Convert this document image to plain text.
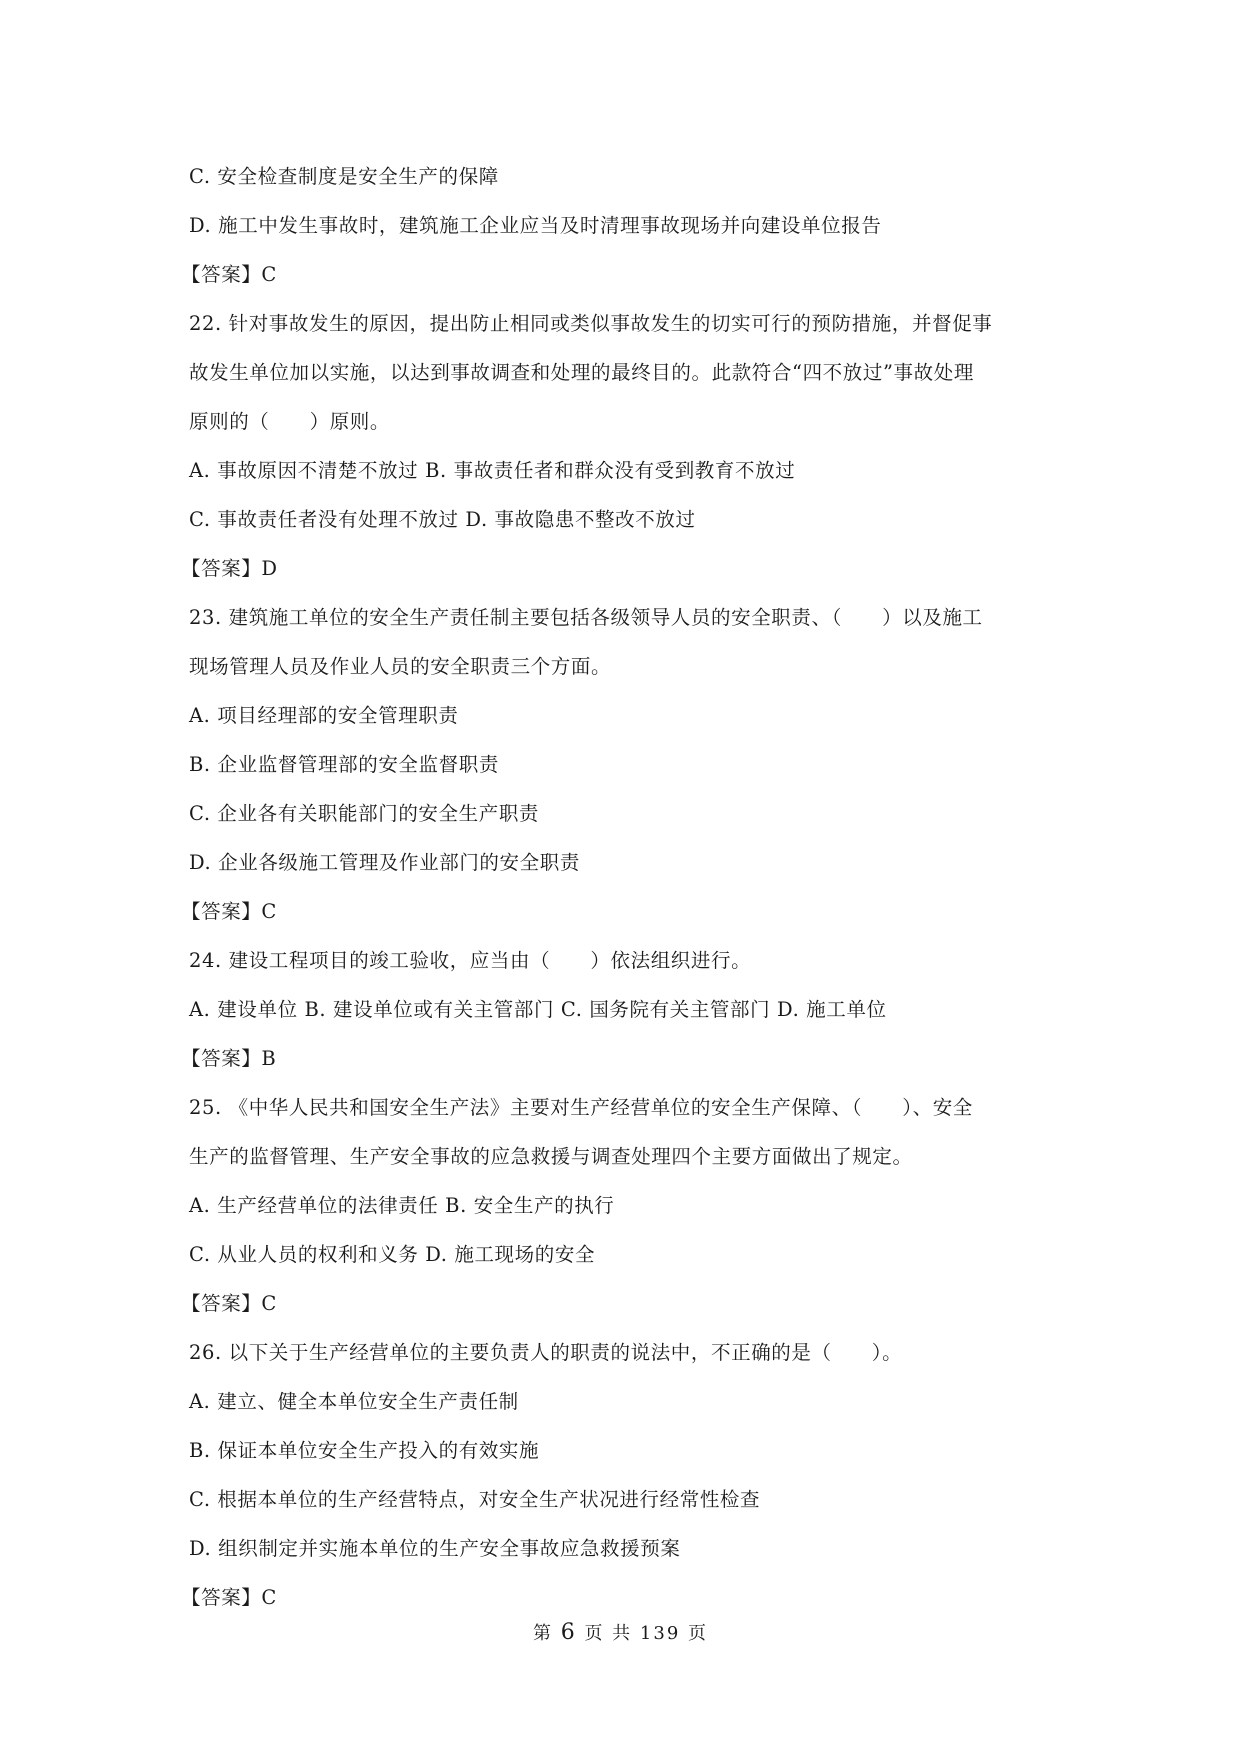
C. 安全检查制度是安全生产的保障
D. 施工中发生事故时，建筑施工企业应当及时清理事故现场并向建设单位报告
【答案】C
22. 针对事故发生的原因，提出防止相同或类似事故发生的切实可行的预防措施，并督促事
故发生单位加以实施，以达到事故调查和处理的最终目的。此款符合“四不放过”事故处理
原则的（　　）原则。
A. 事故原因不清楚不放过 B. 事故责任者和群众没有受到教育不放过
C. 事故责任者没有处理不放过 D. 事故隐患不整改不放过
【答案】D
23. 建筑施工单位的安全生产责任制主要包括各级领导人员的安全职责、（　　）以及施工
现场管理人员及作业人员的安全职责三个方面。
A. 项目经理部的安全管理职责
B. 企业监督管理部的安全监督职责
C. 企业各有关职能部门的安全生产职责
D. 企业各级施工管理及作业部门的安全职责
【答案】C
24. 建设工程项目的竣工验收，应当由（　　）依法组织进行。
A. 建设单位 B. 建设单位或有关主管部门 C. 国务院有关主管部门 D. 施工单位
【答案】B
25. 《中华人民共和国安全生产法》主要对生产经营单位的安全生产保障、（　　）、安全
生产的监督管理、生产安全事故的应急救援与调查处理四个主要方面做出了规定。
A. 生产经营单位的法律责任 B. 安全生产的执行
C. 从业人员的权利和义务 D. 施工现场的安全
【答案】C
26. 以下关于生产经营单位的主要负责人的职责的说法中，不正确的是（　　）。
A. 建立、健全本单位安全生产责任制
B. 保证本单位安全生产投入的有效实施
C. 根据本单位的生产经营特点，对安全生产状况进行经常性检查
D. 组织制定并实施本单位的生产安全事故应急救援预案
【答案】C
第 6 页 共 139 页
